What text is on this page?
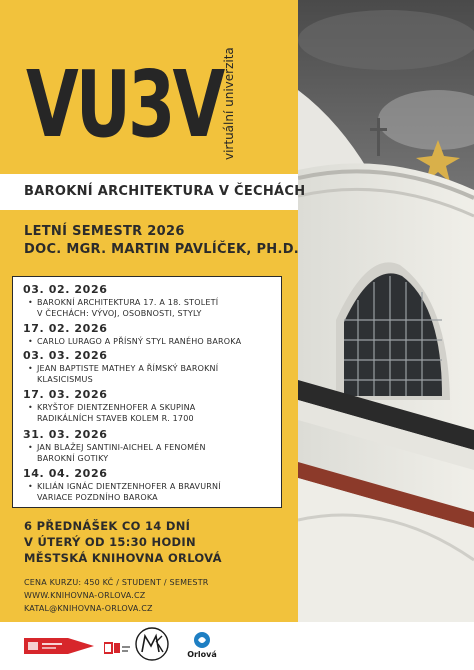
VU3V virtuální univerzita
BAROKNÍ ARCHITEKTURA V ČECHÁCH
LETNÍ SEMESTR 2026
DOC. MGR. MARTIN PAVLÍČEK, PH.D.
03. 02. 2026
• BAROKNÍ ARCHITEKTURA 17. A 18. STOLETÍ
V ČECHÁCH: VÝVOJ, OSOBNOSTI, STYLY
17. 02. 2026
• CARLO LURAGO A PŘÍSNÝ STYL RANÉHO BAROKA
03. 03. 2026
• JEAN BAPTISTE MATHEY A ŘÍMSKÝ BAROKNÍ
KLASICISMUS
17. 03. 2026
• KRYŠTOF DIENTZENHOFER A SKUPINA
RADIKÁLNÍCH STAVEB KOLEM R. 1700
31. 03. 2026
• JAN BLAŽEJ SANTINI-AICHEL A FENOMÉN
BAROKNÍ GOTIKY
14. 04. 2026
• KILIÁN IGNÁC DIENTZENHOFER A BRAVURNÍ
VARIACE POZDNÍHO BAROKA
6 PŘEDNÁŠEK CO 14 DNÍ
V ÚTERÝ OD 15:30 HODIN
MĚSTSKÁ KNIHOVNA ORLOVÁ
CENA KURZU: 450 KČ / STUDENT / SEMESTR
WWW.KNIHOVNA-ORLOVA.CZ
KATAL@KNIHOVNA-ORLOVA.CZ
Orlová
